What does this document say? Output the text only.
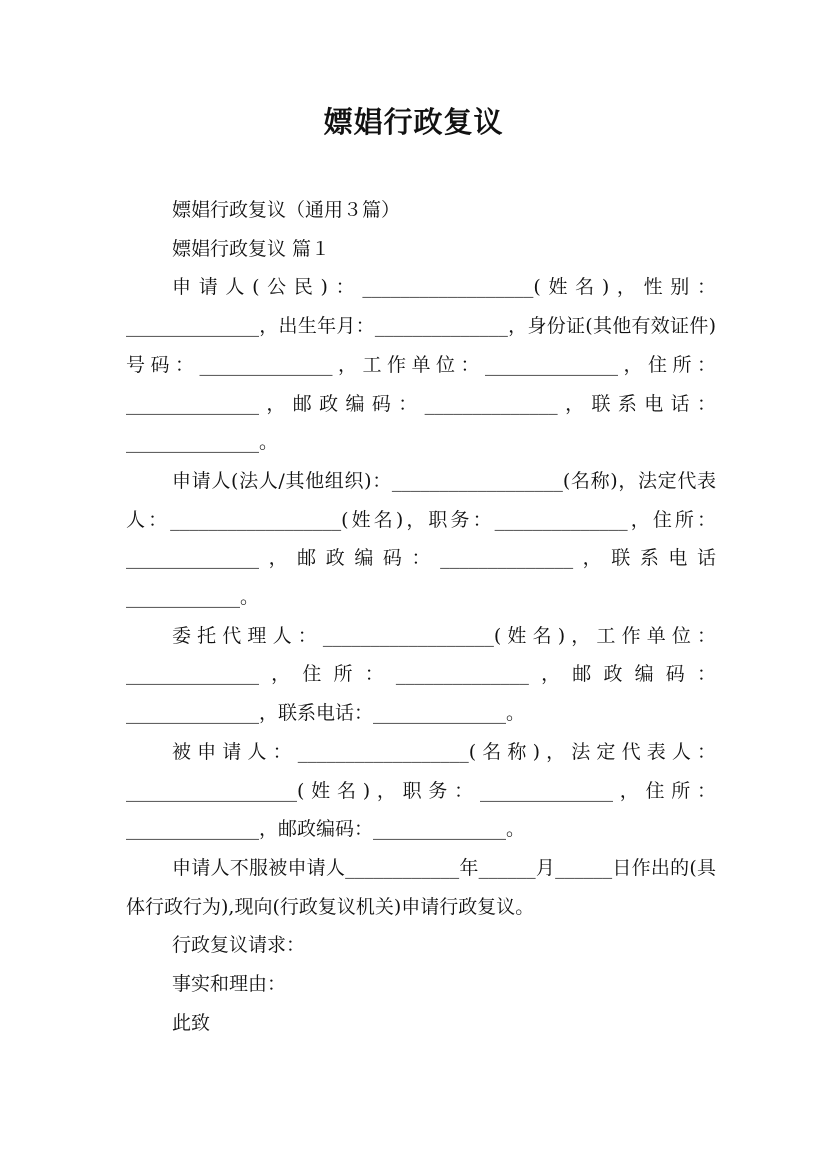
嫖娼行政复议

嫖娼行政复议（通用３篇）

嫖娼行政复议 篇１

申请人(公民)：__________________(姓名)，性别：______________，出生年月：______________，身份证(其他有效证件)号码：______________，工作单位：______________，住所：______________，邮政编码：______________，联系电话：______________。

申请人(法人/其他组织)：__________________(名称)，法定代表人：__________________(姓名)，职务：______________，住所：______________，邮政编码：______________，联系电话____________。

委托代理人：__________________(姓名)，工作单位：______________，住所：______________，邮政编码：______________，联系电话：______________。

被申请人：__________________(名称)，法定代表人：__________________(姓名)，职务：______________，住所：______________，邮政编码：______________。

申请人不服被申请人____________年______月______日作出的(具体行政行为),现向(行政复议机关)申请行政复议。

行政复议请求：

事实和理由：

此致
